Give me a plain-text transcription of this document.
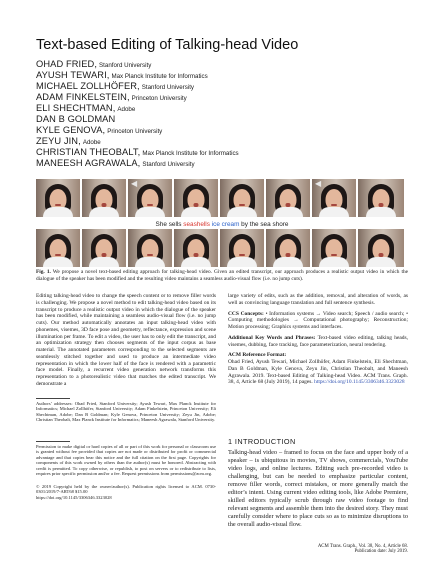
Text-based Editing of Talking-head Video
OHAD FRIED, Stanford University
AYUSH TEWARI, Max Planck Institute for Informatics
MICHAEL ZOLLHÖFER, Stanford University
ADAM FINKELSTEIN, Princeton University
ELI SHECHTMAN, Adobe
DAN B GOLDMAN
KYLE GENOVA, Princeton University
ZEYU JIN, Adobe
CHRISTIAN THEOBALT, Max Planck Institute for Informatics
MANEESH AGRAWALA, Stanford University
◀	◀
She sells seashells ice cream by the sea shore

Fig. 1. We propose a novel text-based editing approach for talking-head video. Given an edited transcript, our approach produces a realistic output video in which the dialogue of the speaker has been modified and the resulting video maintains a seamless audio-visual flow (i.e. no jump cuts).

Editing talking-head video to change the speech content or to remove filler words is challenging. We propose a novel method to edit talking-head video based on its transcript to produce a realistic output video in which the dialogue of the speaker has been modified, while maintaining a seamless audio-visual flow (i.e. no jump cuts). Our method automatically annotates an input talking-head video with phonemes, visemes, 3D face pose and geometry, reflectance, expression and scene illumination per frame. To edit a video, the user has to only edit the transcript, and an optimization strategy then chooses segments of the input corpus as base material. The annotated parameters corresponding to the selected segments are seamlessly stitched together and used to produce an intermediate video representation in which the lower half of the face is rendered with a parametric face model. Finally, a recurrent video generation network transforms this representation to a photorealistic video that matches the edited transcript. We demonstrate a

Authors’ addresses: Ohad Fried, Stanford University; Ayush Tewari, Max Planck Institute for Informatics; Michael Zollhöfer, Stanford University; Adam Finkelstein, Princeton University; Eli Shechtman, Adobe; Dan B Goldman; Kyle Genova, Princeton University; Zeyu Jin, Adobe; Christian Theobalt, Max Planck Institute for Informatics; Maneesh Agrawala, Stanford University.

Permission to make digital or hard copies of all or part of this work for personal or classroom use is granted without fee provided that copies are not made or distributed for profit or commercial advantage and that copies bear this notice and the full citation on the first page. Copyrights for components of this work owned by others than the author(s) must be honored. Abstracting with credit is permitted. To copy otherwise, or republish, to post on servers or to redistribute to lists, requires prior specific permission and/or a fee. Request permissions from permissions@acm.org.

© 2019 Copyright held by the owner/author(s). Publication rights licensed to ACM. 0730-0301/2019/7-ART68 $15.00

https://doi.org/10.1145/3306346.3323028

large variety of edits, such as the addition, removal, and alteration of words, as well as convincing language translation and full sentence synthesis.

CCS Concepts: • Information systems → Video search; Speech / audio search; • Computing methodologies → Computational photography; Reconstruction; Motion processing; Graphics systems and interfaces.

Additional Key Words and Phrases: Text-based video editing, talking heads, visemes, dubbing, face tracking, face parameterization, neural rendering.

ACM Reference Format:
Ohad Fried, Ayush Tewari, Michael Zollhöfer, Adam Finkelstein, Eli Shechtman, Dan B Goldman, Kyle Genova, Zeyu Jin, Christian Theobalt, and Maneesh Agrawala. 2019. Text-based Editing of Talking-head Video. ACM Trans. Graph. 38, 4, Article 68 (July 2019), 14 pages. https://doi.org/10.1145/3306346.3323028

1 INTRODUCTION

Talking-head video – framed to focus on the face and upper body of a speaker – is ubiquitous in movies, TV shows, commercials, YouTube video logs, and online lectures. Editing such pre-recorded video is challenging, but can be needed to emphasize particular content, remove filler words, correct mistakes, or more generally match the editor’s intent. Using current video editing tools, like Adobe Premiere, skilled editors typically scrub through raw video footage to find relevant segments and assemble them into the desired story. They must carefully consider where to place cuts so as to minimize disruptions to the overall audio-visual flow.

ACM Trans. Graph., Vol. 38, No. 4, Article 68. Publication date: July 2019.
